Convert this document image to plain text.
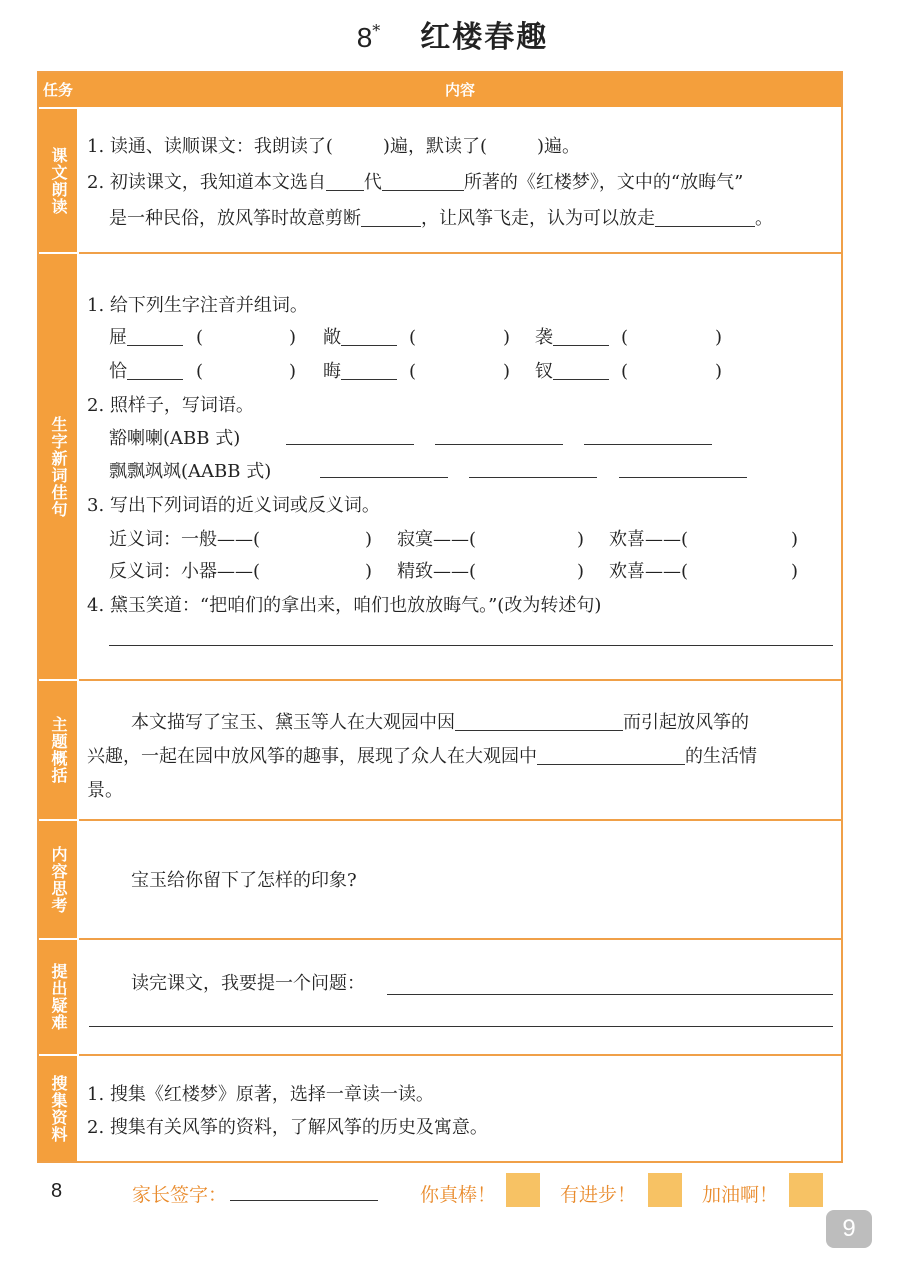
8* 红楼春趣
任务	内容
课文朗读 1. 读通、读顺课文：我朗读了(	)遍，默读了(	)遍。
2. 初读课文，我知道本文选自 代	所著的《红楼梦》，文中的“放晦气”
是一种民俗，放风筝时故意剪断	，让风筝飞走，认为可以放走	。
生字新词佳句
1. 给下列生字注音并组词。
屉	(	) 敞	(	) 袭	(	)
恰	(	) 晦	(	) 钗	(	)
2. 照样子，写词语。
豁喇喇(ABB 式)
飘飘飒飒(AABB 式)
3. 写出下列词语的近义词或反义词。
近义词：一般——(	) 寂寞——(	) 欢喜——(	)
反义词：小器——(	) 精致——(	) 欢喜——(	)
4. 黛玉笑道：“把咱们的拿出来，咱们也放放晦气。”(改为转述句)
主题概括	本文描写了宝玉、黛玉等人在大观园中因	而引起放风筝的
兴趣，一起在园中放风筝的趣事，展现了众人在大观园中	的生活情
景。
内容思考	宝玉给你留下了怎样的印象?
提出疑难	读完课文，我要提一个问题：
搜集资料 1. 搜集《红楼梦》原著，选择一章读一读。
2. 搜集有关风筝的资料，了解风筝的历史及寓意。
8	家长签字：	你真棒！	有进步！	加油啊！
9
